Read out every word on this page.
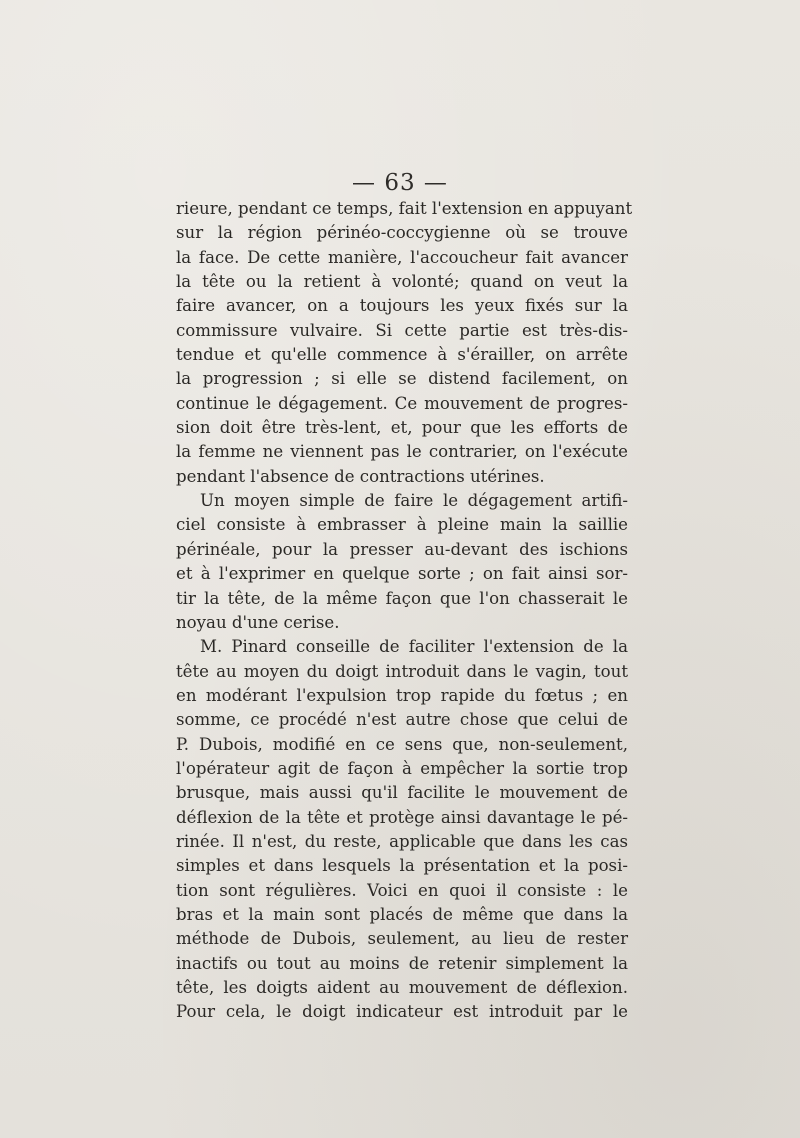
— 63 —
rieure, pendant ce temps, fait l'extension en appuyant
sur la région périnéo-coccygienne où se trouve
la face. De cette manière, l'accoucheur fait avancer
la tête ou la retient à volonté; quand on veut la
faire avancer, on a toujours les yeux fixés sur la
commissure vulvaire. Si cette partie est très-dis-
tendue et qu'elle commence à s'érailler, on arrête
la progression ; si elle se distend facilement, on
continue le dégagement. Ce mouvement de progres-
sion doit être très-lent, et, pour que les efforts de
la femme ne viennent pas le contrarier, on l'exécute
pendant l'absence de contractions utérines.
Un moyen simple de faire le dégagement artifi-
ciel consiste à embrasser à pleine main la saillie
périnéale, pour la presser au-devant des ischions
et à l'exprimer en quelque sorte ; on fait ainsi sor-
tir la tête, de la même façon que l'on chasserait le
noyau d'une cerise.
M. Pinard conseille de faciliter l'extension de la
tête au moyen du doigt introduit dans le vagin, tout
en modérant l'expulsion trop rapide du fœtus ; en
somme, ce procédé n'est autre chose que celui de
P. Dubois, modifié en ce sens que, non-seulement,
l'opérateur agit de façon à empêcher la sortie trop
brusque, mais aussi qu'il facilite le mouvement de
déflexion de la tête et protège ainsi davantage le pé-
rinée. Il n'est, du reste, applicable que dans les cas
simples et dans lesquels la présentation et la posi-
tion sont régulières. Voici en quoi il consiste : le
bras et la main sont placés de même que dans la
méthode de Dubois, seulement, au lieu de rester
inactifs ou tout au moins de retenir simplement la
tête, les doigts aident au mouvement de déflexion.
Pour cela, le doigt indicateur est introduit par le
